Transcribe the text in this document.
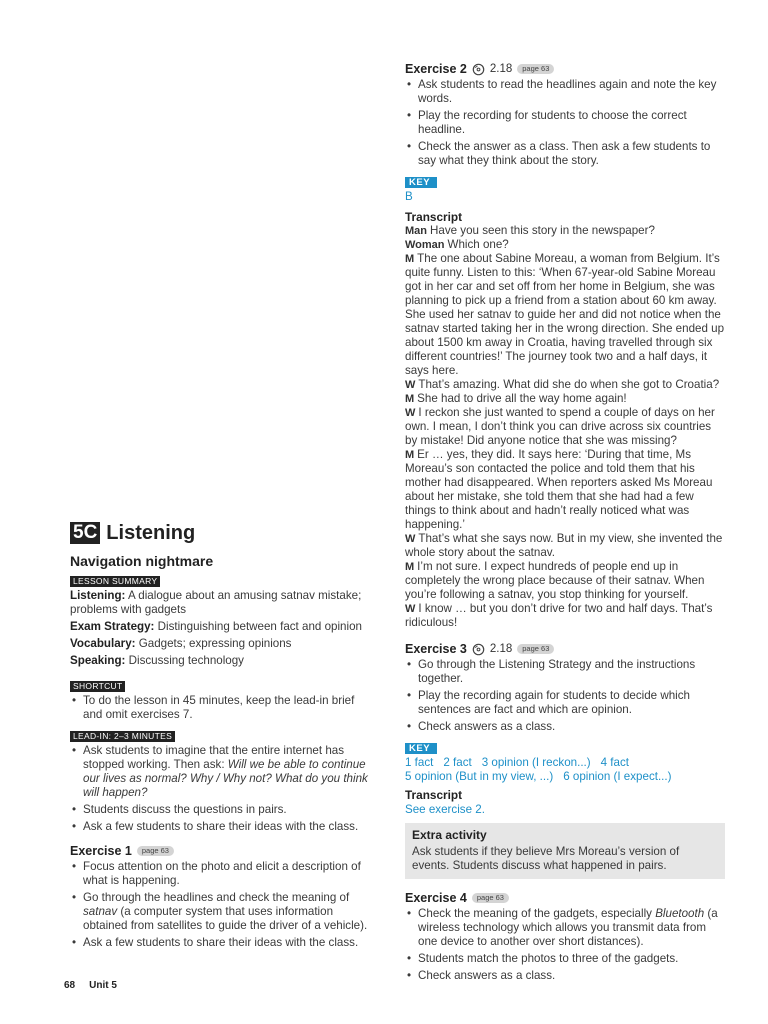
Exercise 2 2.18	page 63
• Ask students to read the headlines again and note the key words.
• Play the recording for students to choose the correct headline.
• Check the answer as a class. Then ask a few students to say what they think about the story.
KEY
B
Transcript

Man Have you seen this story in the newspaper?

Woman Which one?

M The one about Sabine Moreau, a woman from Belgium. It’s quite funny. Listen to this: ‘When 67-year-old Sabine Moreau got in her car and set off from her home in Belgium, she was planning to pick up a friend from a station about 60 km away. She used her satnav to guide her and did not notice when the satnav started taking her in the wrong direction. She ended up about 1500 km away in Croatia, having travelled through six different countries!’ The journey took two and a half days, it says here.

W That’s amazing. What did she do when she got to Croatia?

M She had to drive all the way home again!

W I reckon she just wanted to spend a couple of days on her own. I mean, I don’t think you can drive across six countries by mistake! Did anyone notice that she was missing?

M Er … yes, they did. It says here: ‘During that time, Ms Moreau’s son contacted the police and told them that his mother had disappeared. When reporters asked Ms Moreau about her mistake, she told them that she had had a few things to think about and hadn’t really noticed what was happening.’

W That’s what she says now. But in my view, she invented the whole story about the satnav.

M I’m not sure. I expect hundreds of people end up in completely the wrong place because of their satnav. When you’re following a satnav, you stop thinking for yourself.

W I know … but you don’t drive for two and half days. That’s ridiculous!

Exercise 3 2.18	page 63
• Go through the Listening Strategy and the instructions together.
• Play the recording again for students to decide which sentences are fact and which are opinion.
• Check answers as a class.
KEY
1 fact 2 fact 3 opinion (I reckon...) 4 fact
5 opinion (But in my view, ...) 6 opinion (I expect...)
Transcript
See exercise 2.
Extra activity
Ask students if they believe Mrs Moreau’s version of events. Students discuss what happened in pairs.
Exercise 4	page 63
• Check the meaning of the gadgets, especially Bluetooth (a wireless technology which allows you transmit data from one device to another over short distances).
• Students match the photos to three of the gadgets.
• Check answers as a class.
5C Listening
Navigation nightmare
LESSON SUMMARY

Listening: A dialogue about an amusing satnav mistake; problems with gadgets

Exam Strategy: Distinguishing between fact and opinion

Vocabulary: Gadgets; expressing opinions

Speaking: Discussing technology

SHORTCUT
• To do the lesson in 45 minutes, keep the lead-in brief and omit exercises 7.
LEAD-IN: 2–3 MINUTES
• Ask students to imagine that the entire internet has stopped working. Then ask: Will we be able to continue our lives as normal? Why / Why not? What do you think will happen?
• Students discuss the questions in pairs.
• Ask a few students to share their ideas with the class.
Exercise 1	page 63
• Focus attention on the photo and elicit a description of what is happening.
• Go through the headlines and check the meaning of satnav (a computer system that uses information obtained from satellites to guide the driver of a vehicle).
• Ask a few students to share their ideas with the class.
68 Unit 5
